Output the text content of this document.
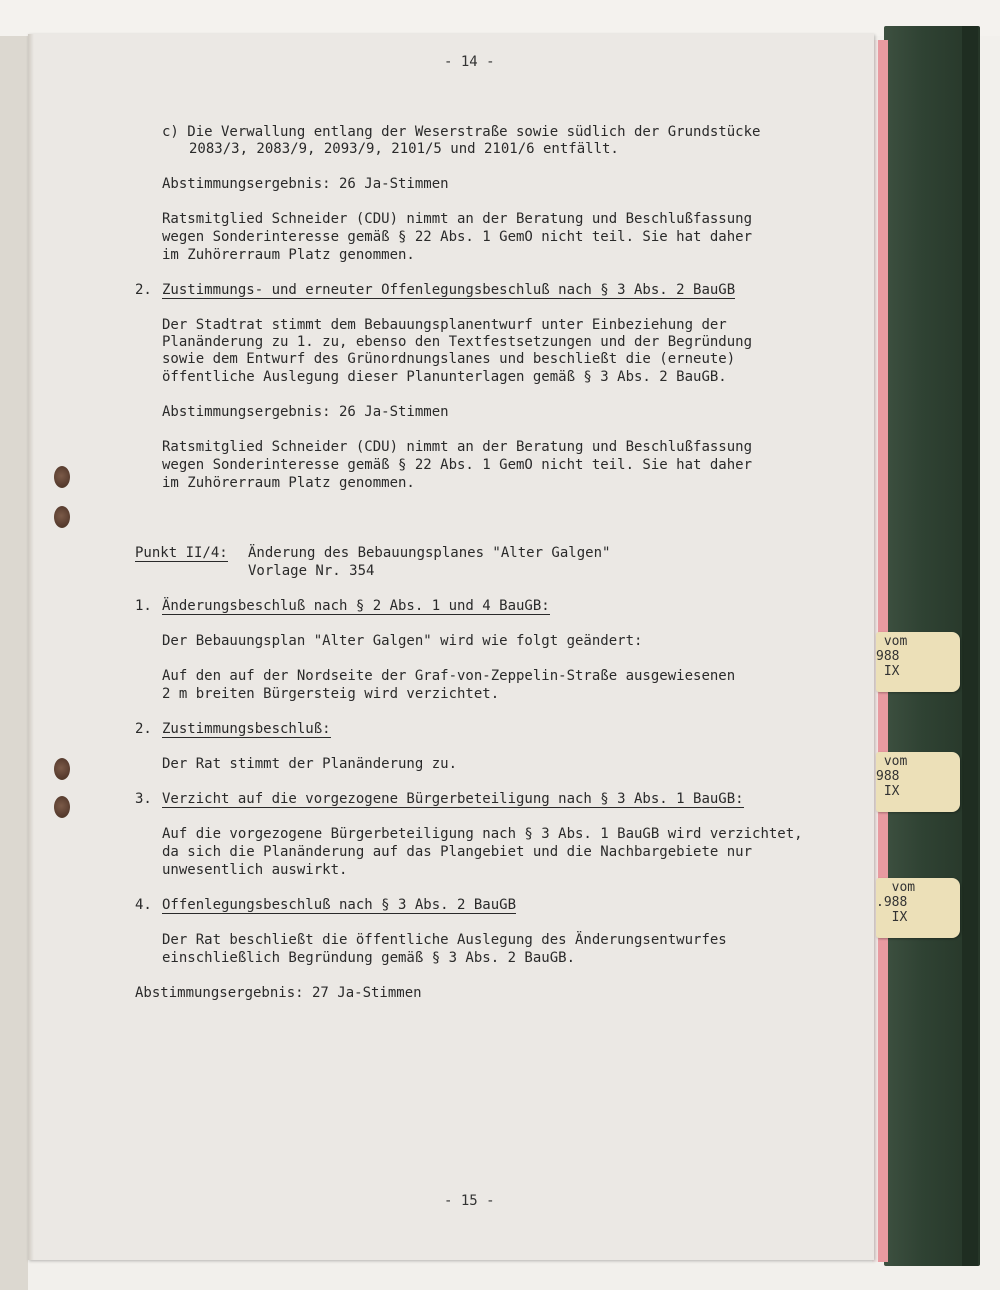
vom
988
IX
vom
988
IX
vom
.988
IX
- 14 -
c) Die Verwallung entlang der Weserstraße sowie südlich der Grundstücke
2083/3, 2083/9, 2093/9, 2101/5 und 2101/6 entfällt.
Abstimmungsergebnis: 26 Ja-Stimmen
Ratsmitglied Schneider (CDU) nimmt an der Beratung und Beschlußfassung
wegen Sonderinteresse gemäß § 22 Abs. 1 GemO nicht teil. Sie hat daher
im Zuhörerraum Platz genommen.
2. Zustimmungs- und erneuter Offenlegungsbeschluß nach § 3 Abs. 2 BauGB
Der Stadtrat stimmt dem Bebauungsplanentwurf unter Einbeziehung der
Planänderung zu 1. zu, ebenso den Textfestsetzungen und der Begründung
sowie dem Entwurf des Grünordnungslanes und beschließt die (erneute)
öffentliche Auslegung dieser Planunterlagen gemäß § 3 Abs. 2 BauGB.
Abstimmungsergebnis: 26 Ja-Stimmen
Ratsmitglied Schneider (CDU) nimmt an der Beratung und Beschlußfassung
wegen Sonderinteresse gemäß § 22 Abs. 1 GemO nicht teil. Sie hat daher
im Zuhörerraum Platz genommen.
Punkt II/4: Änderung des Bebauungsplanes "Alter Galgen"
Vorlage Nr. 354
1. Änderungsbeschluß nach § 2 Abs. 1 und 4 BauGB:
Der Bebauungsplan "Alter Galgen" wird wie folgt geändert:
Auf den auf der Nordseite der Graf-von-Zeppelin-Straße ausgewiesenen
2 m breiten Bürgersteig wird verzichtet.
2. Zustimmungsbeschluß:
Der Rat stimmt der Planänderung zu.
3. Verzicht auf die vorgezogene Bürgerbeteiligung nach § 3 Abs. 1 BauGB:
Auf die vorgezogene Bürgerbeteiligung nach § 3 Abs. 1 BauGB wird verzichtet,
da sich die Planänderung auf das Plangebiet und die Nachbargebiete nur
unwesentlich auswirkt.
4. Offenlegungsbeschluß nach § 3 Abs. 2 BauGB
Der Rat beschließt die öffentliche Auslegung des Änderungsentwurfes
einschließlich Begründung gemäß § 3 Abs. 2 BauGB.
Abstimmungsergebnis: 27 Ja-Stimmen
- 15 -
